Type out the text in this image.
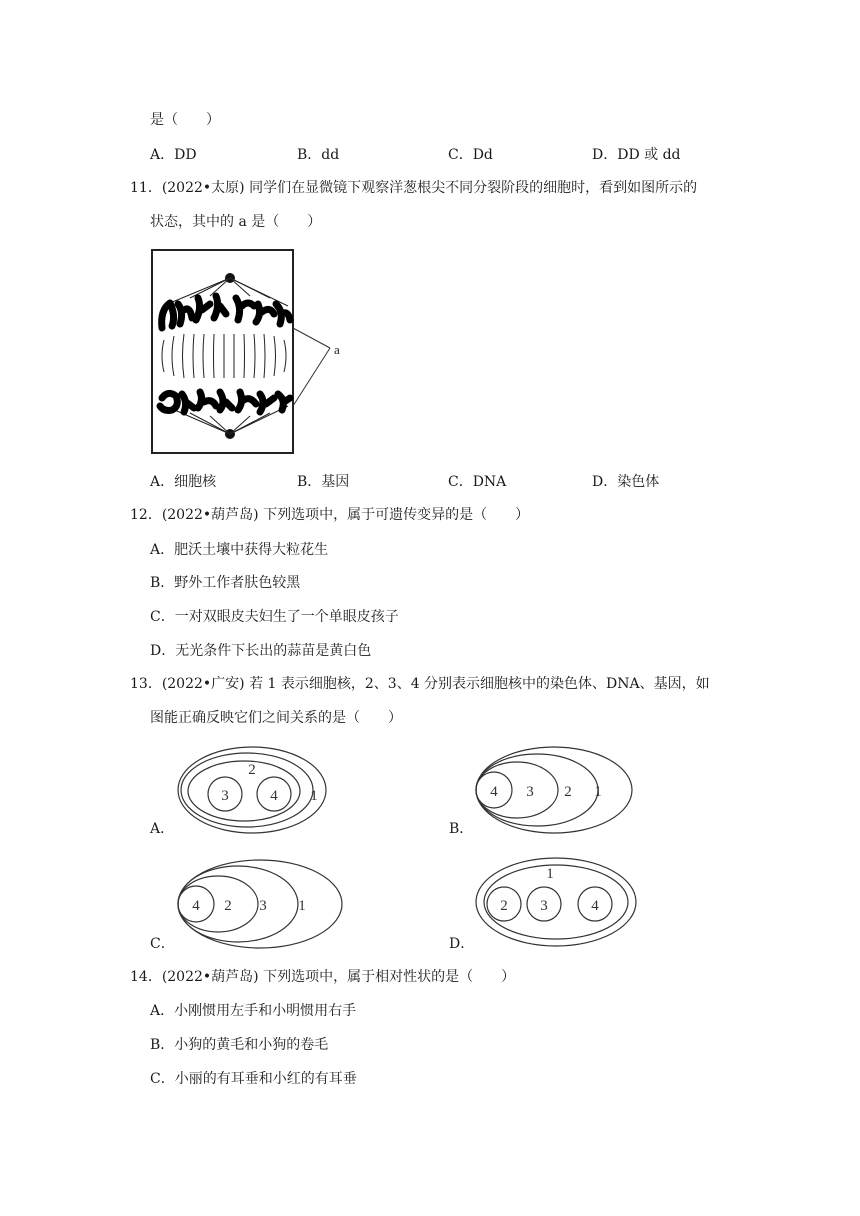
是（　　）
A．DD	B．dd	C．Dd	D．DD 或 dd
11．(2022•太原) 同学们在显微镜下观察洋葱根尖不同分裂阶段的细胞时，看到如图所示的
状态，其中的 a 是（　　）
a
A．细胞核	B．基因	C．DNA	D．染色体
12．(2022•葫芦岛) 下列选项中，属于可遗传变异的是（　　）
A．肥沃土壤中获得大粒花生
B．野外工作者肤色较黑
C．一对双眼皮夫妇生了一个单眼皮孩子
D．无光条件下长出的蒜苗是黄白色
13．(2022•广安) 若 1 表示细胞核，2、3、4 分别表示细胞核中的染色体、DNA、基因，如
图能正确反映它们之间关系的是（　　）
A．
2
3	4 1
B．
4 3 2 1
C．
4 2 3 1
D．
1
2 3	4
14．(2022•葫芦岛) 下列选项中，属于相对性状的是（　　）
A．小刚惯用左手和小明惯用右手
B．小狗的黄毛和小狗的卷毛
C．小丽的有耳垂和小红的有耳垂
